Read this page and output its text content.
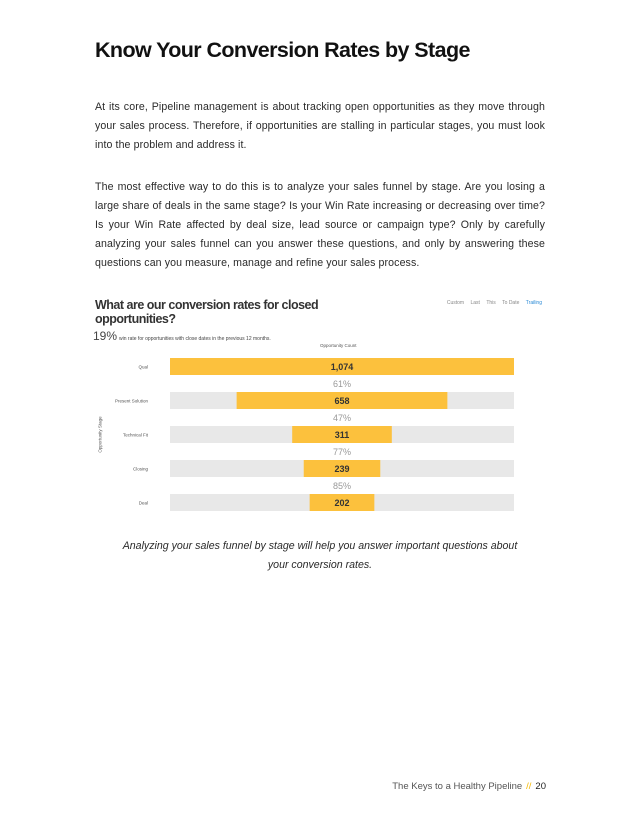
Know Your Conversion Rates by Stage
At its core, Pipeline management is about tracking open opportunities as they move through your sales process. Therefore, if opportunities are stalling in particular stages, you must look into the problem and address it.
The most effective way to do this is to analyze your sales funnel by stage. Are you losing a large share of deals in the same stage? Is your Win Rate increasing or decreasing over time? Is your Win Rate affected by deal size, lead source or campaign type? Only by carefully analyzing your sales funnel can you answer these questions, and only by answering these questions can you measure, manage and refine your sales process.
What are our conversion rates for closed opportunities?
19% win rate for opportunities with close dates in the previous 12 months.
Custom Last This To Date Trailing
Opportunity Count
Opportunity Stage
Qual	1,074
61%
Present Solution	658
47%
Technical Fit	311
77%
Closing	239
85%
Deal	202
Analyzing your sales funnel by stage will help you answer important questions about your conversion rates.
The Keys to a Healthy Pipeline // 20
